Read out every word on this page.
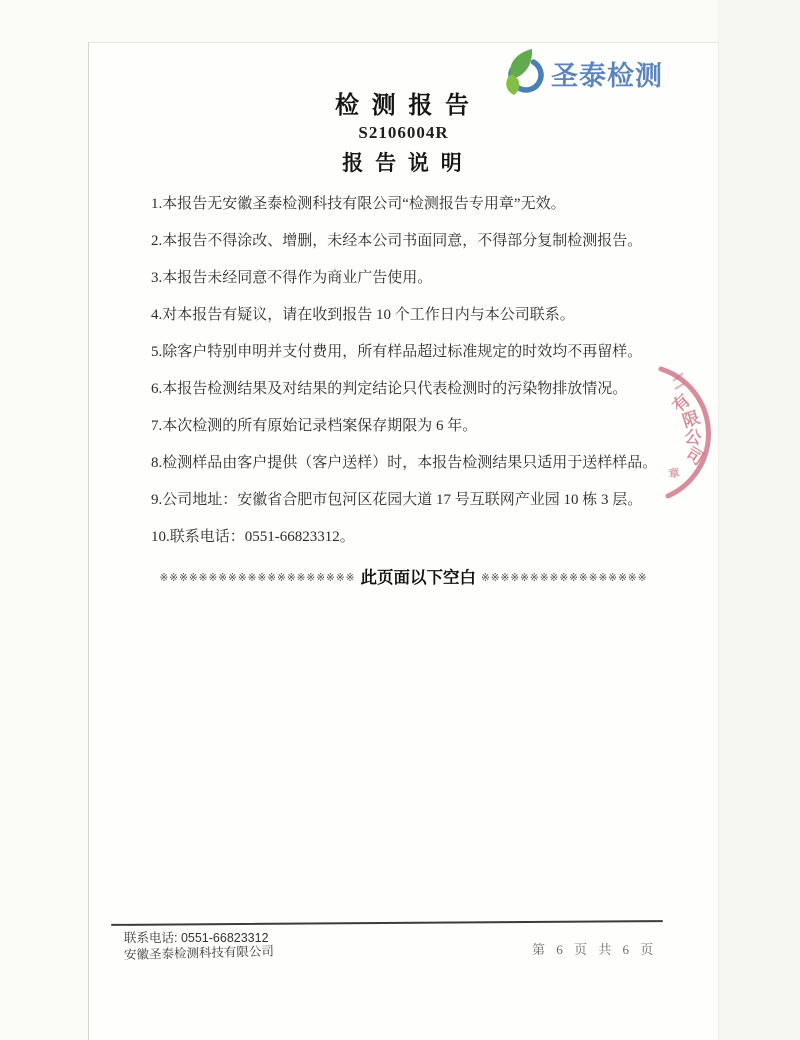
圣泰检测
检 测 报 告
S2106004R
报 告 说 明

1.本报告无安徽圣泰检测科技有限公司“检测报告专用章”无效。

2.本报告不得涂改、增删，未经本公司书面同意，不得部分复制检测报告。

3.本报告未经同意不得作为商业广告使用。

4.对本报告有疑议，请在收到报告 10 个工作日内与本公司联系。

5.除客户特别申明并支付费用，所有样品超过标准规定的时效均不再留样。

6.本报告检测结果及对结果的判定结论只代表检测时的污染物排放情况。

7.本次检测的所有原始记录档案保存期限为 6 年。

8.检测样品由客户提供（客户送样）时，本报告检测结果只适用于送样样品。

9.公司地址：安徽省合肥市包河区花园大道 17 号互联网产业园 10 栋 3 层。

10.联系电话：0551-66823312。

※※※※※※※※※※※※※※※※※※※※ 此页面以下空白 ※※※※※※※※※※※※※※※※※
有
限
公
司
章
联系电话: 0551-66823312
安徽圣泰检测科技有限公司	第 6 页 共 6 页
